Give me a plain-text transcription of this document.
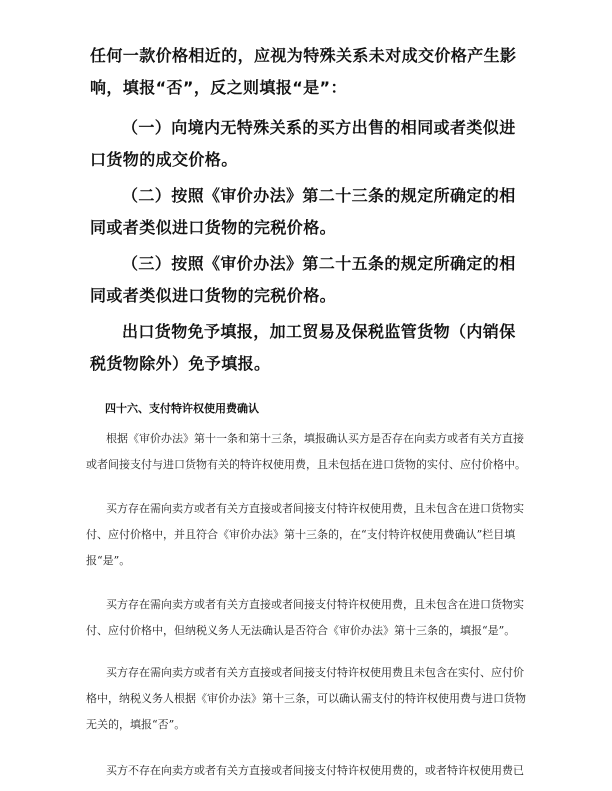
任何一款价格相近的，应视为特殊关系未对成交价格产生影响，填报“否”，反之则填报“是”：

（一）向境内无特殊关系的买方出售的相同或者类似进口货物的成交价格。

（二）按照《审价办法》第二十三条的规定所确定的相同或者类似进口货物的完税价格。

（三）按照《审价办法》第二十五条的规定所确定的相同或者类似进口货物的完税价格。

出口货物免予填报，加工贸易及保税监管货物（内销保税货物除外）免予填报。

四十六、支付特许权使用费确认

根据《审价办法》第十一条和第十三条，填报确认买方是否存在向卖方或者有关方直接或者间接支付与进口货物有关的特许权使用费，且未包括在进口货物的实付、应付价格中。

买方存在需向卖方或者有关方直接或者间接支付特许权使用费，且未包含在进口货物实付、应付价格中，并且符合《审价办法》第十三条的，在“支付特许权使用费确认”栏目填报“是”。

买方存在需向卖方或者有关方直接或者间接支付特许权使用费，且未包含在进口货物实付、应付价格中，但纳税义务人无法确认是否符合《审价办法》第十三条的，填报“是”。

买方存在需向卖方或者有关方直接或者间接支付特许权使用费且未包含在实付、应付价格中，纳税义务人根据《审价办法》第十三条，可以确认需支付的特许权使用费与进口货物无关的，填报“否”。

买方不存在向卖方或者有关方直接或者间接支付特许权使用费的，或者特许权使用费已
